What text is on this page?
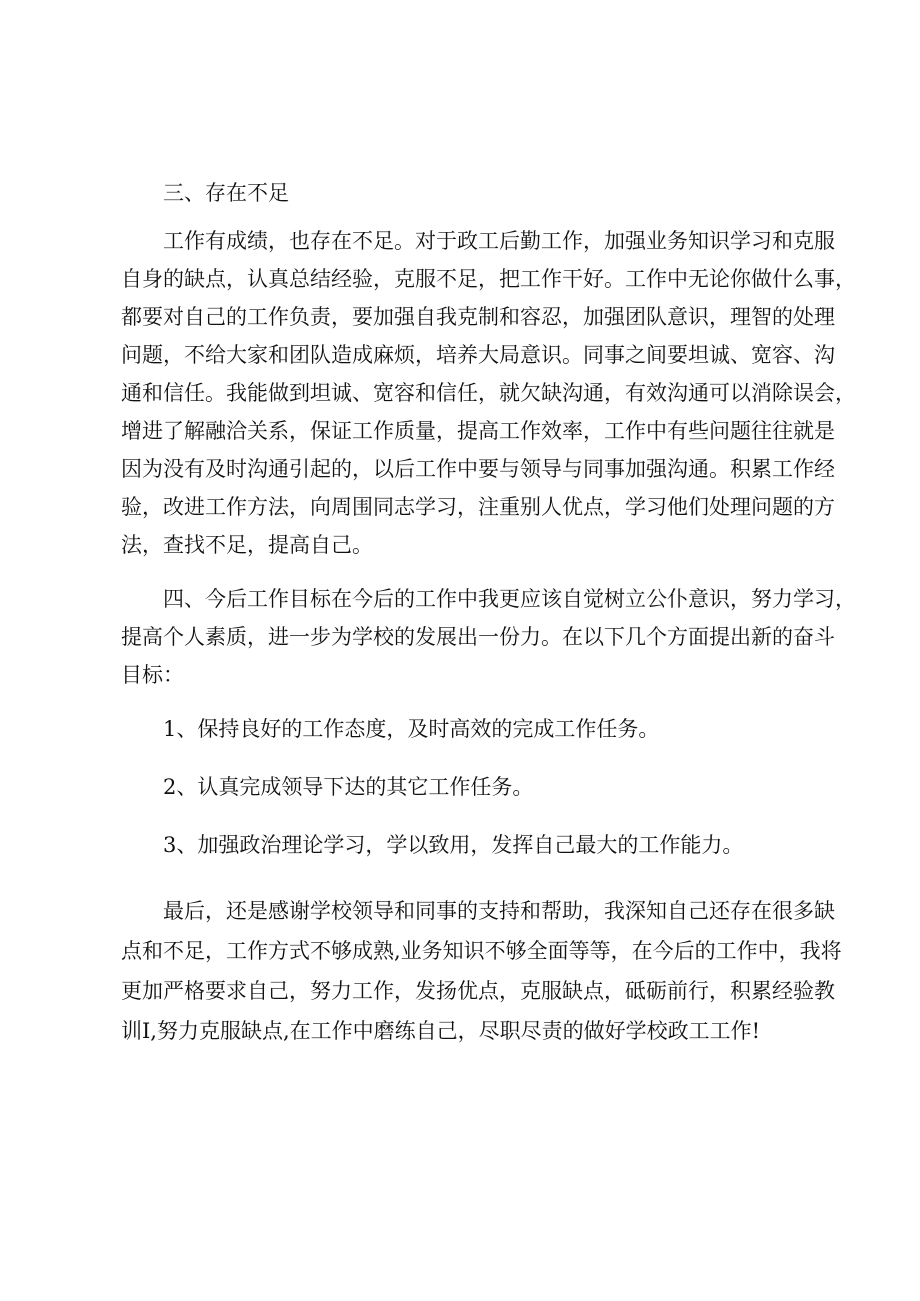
三、存在不足

工作有成绩，也存在不足。对于政工后勤工作，加强业务知识学习和克服

自身的缺点，认真总结经验，克服不足，把工作干好。工作中无论你做什么事，

都要对自己的工作负责，要加强自我克制和容忍，加强团队意识，理智的处理

问题，不给大家和团队造成麻烦，培养大局意识。同事之间要坦诚、宽容、沟

通和信任。我能做到坦诚、宽容和信任，就欠缺沟通，有效沟通可以消除误会，

增进了解融洽关系，保证工作质量，提高工作效率，工作中有些问题往往就是

因为没有及时沟通引起的，以后工作中要与领导与同事加强沟通。积累工作经

验，改进工作方法，向周围同志学习，注重别人优点，学习他们处理问题的方

法，查找不足，提高自己。

四、今后工作目标在今后的工作中我更应该自觉树立公仆意识，努力学习，

提高个人素质，进一步为学校的发展出一份力。在以下几个方面提出新的奋斗

目标：

1、保持良好的工作态度，及时高效的完成工作任务。

2、认真完成领导下达的其它工作任务。

3、加强政治理论学习，学以致用，发挥自己最大的工作能力。

最后，还是感谢学校领导和同事的支持和帮助，我深知自己还存在很多缺

点和不足，工作方式不够成熟,业务知识不够全面等等，在今后的工作中，我将

更加严格要求自己，努力工作，发扬优点，克服缺点，砥砺前行，积累经验教

训I,努力克服缺点,在工作中磨练自己，尽职尽责的做好学校政工工作!
